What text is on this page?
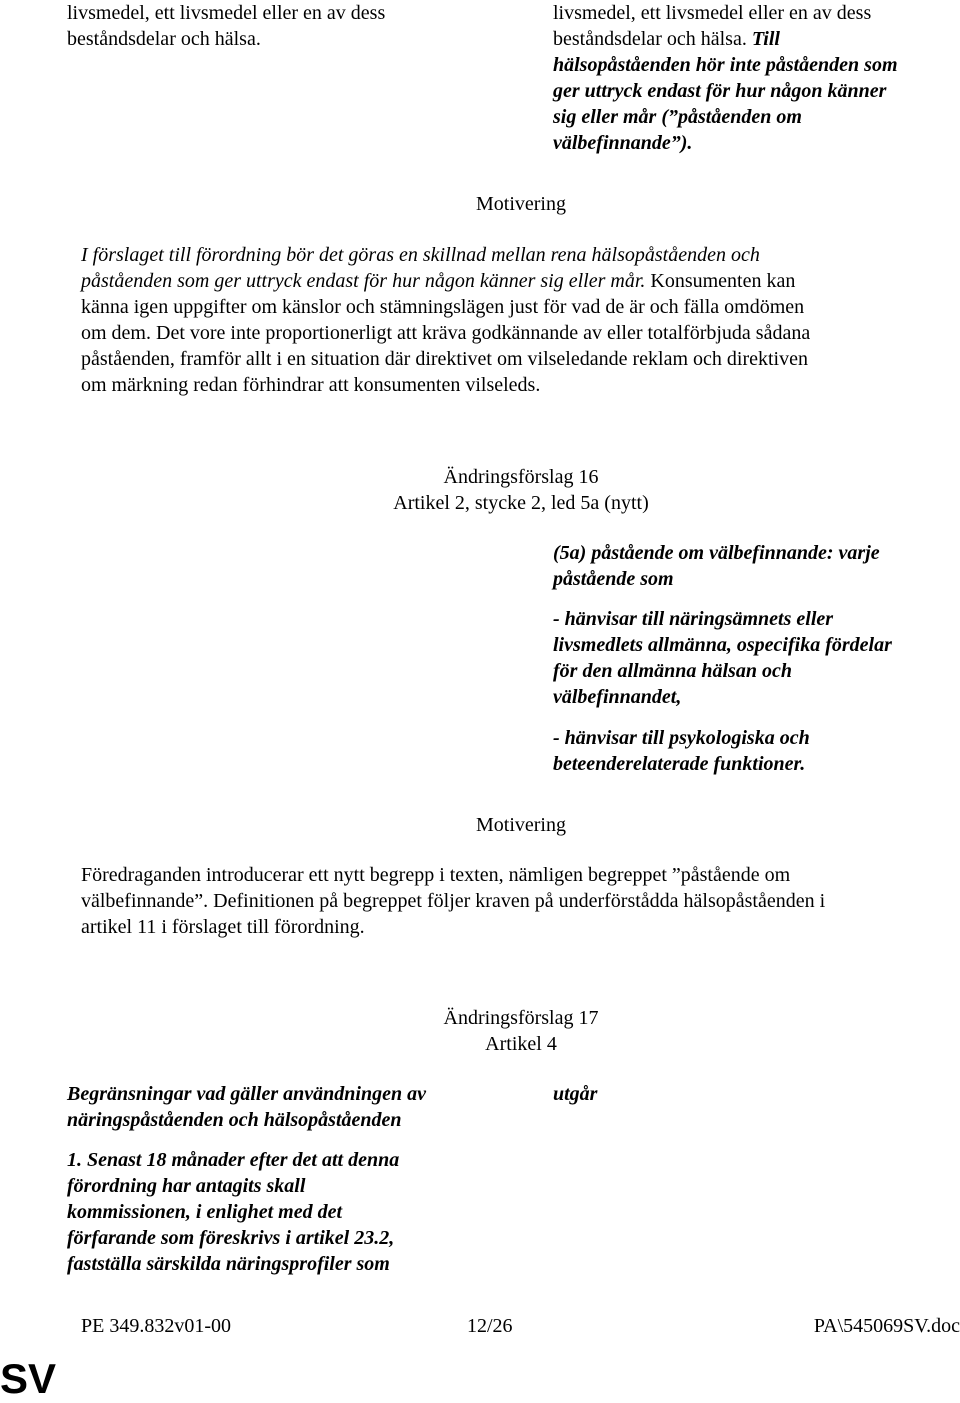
livsmedel, ett livsmedel eller en av dess
beståndsdelar och hälsa.
livsmedel, ett livsmedel eller en av dess
beståndsdelar och hälsa. Till
hälsopåståenden hör inte påståenden som
ger uttryck endast för hur någon känner
sig eller mår (”påståenden om
välbefinnande”).
Motivering
I förslaget till förordning bör det göras en skillnad mellan rena hälsopåståenden och
påståenden som ger uttryck endast för hur någon känner sig eller mår. Konsumenten kan
känna igen uppgifter om känslor och stämningslägen just för vad de är och fälla omdömen
om dem. Det vore inte proportionerligt att kräva godkännande av eller totalförbjuda sådana
påståenden, framför allt i en situation där direktivet om vilseledande reklam och direktiven
om märkning redan förhindrar att konsumenten vilseleds.
Ändringsförslag 16
Artikel 2, stycke 2, led 5a (nytt)
(5a) påstående om välbefinnande: varje
påstående som
- hänvisar till näringsämnets eller
livsmedlets allmänna, ospecifika fördelar
för den allmänna hälsan och
välbefinnandet,
- hänvisar till psykologiska och
beteenderelaterade funktioner.
Motivering
Föredraganden introducerar ett nytt begrepp i texten, nämligen begreppet ”påstående om
välbefinnande”. Definitionen på begreppet följer kraven på underförstådda hälsopåståenden i
artikel 11 i förslaget till förordning.
Ändringsförslag 17
Artikel 4
Begränsningar vad gäller användningen av
näringspåståenden och hälsopåståenden
1. Senast 18 månader efter det att denna
förordning har antagits skall
kommissionen, i enlighet med det
förfarande som föreskrivs i artikel 23.2,
fastställa särskilda näringsprofiler som
utgår
PE 349.832v01-00	12/26	PA\545069SV.doc
SV
